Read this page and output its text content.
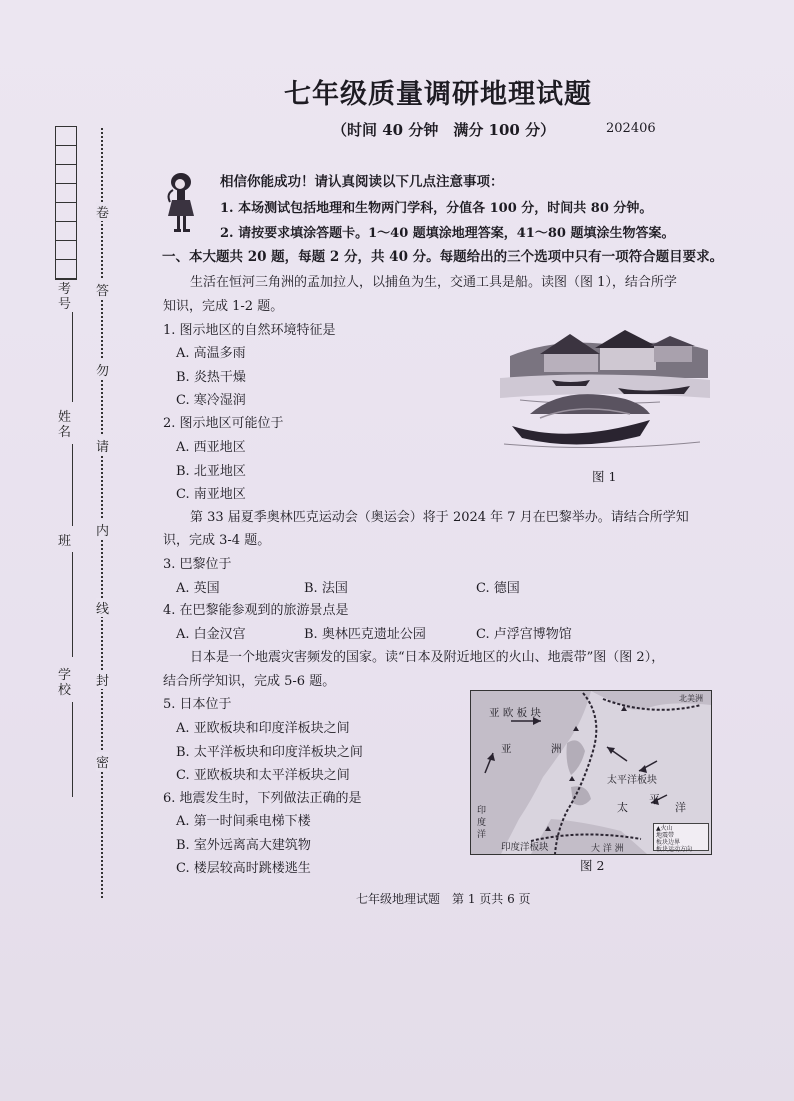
考号
姓名
班
学校
密
封
线
内
请
勿
答
卷
七年级质量调研地理试题
（时间 40 分钟　满分 100 分）	202406
相信你能成功！请认真阅读以下几点注意事项：
1. 本场测试包括地理和生物两门学科，分值各 100 分，时间共 80 分钟。
2. 请按要求填涂答题卡。1～40 题填涂地理答案，41～80 题填涂生物答案。
一、本大题共 20 题，每题 2 分，共 40 分。每题给出的三个选项中只有一项符合题目要求。
生活在恒河三角洲的孟加拉人，以捕鱼为生，交通工具是船。读图（图 1），结合所学
知识，完成 1-2 题。
1. 图示地区的自然环境特征是
A. 高温多雨
B. 炎热干燥
C. 寒冷湿润
2. 图示地区可能位于
A. 西亚地区
B. 北亚地区
C. 南亚地区
图 1
第 33 届夏季奥林匹克运动会（奥运会）将于 2024 年 7 月在巴黎举办。请结合所学知
识，完成 3-4 题。
3. 巴黎位于
A. 英国	B. 法国	C. 德国
4. 在巴黎能参观到的旅游景点是
A. 白金汉宫	B. 奥林匹克遗址公园	C. 卢浮宫博物馆
日本是一个地震灾害频发的国家。读“日本及附近地区的火山、地震带”图（图 2），
结合所学知识，完成 5-6 题。
5. 日本位于
A. 亚欧板块和印度洋板块之间
B. 太平洋板块和印度洋板块之间
C. 亚欧板块和太平洋板块之间
6. 地震发生时，下列做法正确的是
A. 第一时间乘电梯下楼
B. 室外远离高大建筑物
C. 楼层较高时跳楼逃生
亚 欧 板 块
亚	洲
北美洲
太平洋板块
太
平
洋
印
度
洋
印度洋板块	大 洋 洲
▲火山
地震带
板块边界
板块运动方向
图 2
七年级地理试题　第 1 页共 6 页
